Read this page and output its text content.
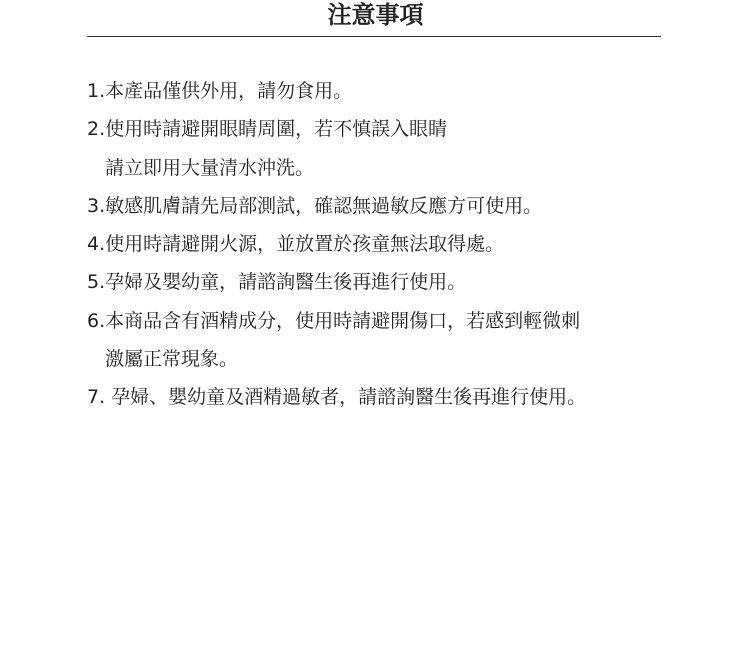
注意事項
1.本產品僅供外用，請勿食用。
2.使用時請避開眼睛周圍，若不慎誤入眼睛
請立即用大量清水沖洗。
3.敏感肌膚請先局部測試，確認無過敏反應方可使用。
4.使用時請避開火源，並放置於孩童無法取得處。
5.孕婦及嬰幼童，請諮詢醫生後再進行使用。
6.本商品含有酒精成分，使用時請避開傷口，若感到輕微刺
激屬正常現象。
7. 孕婦、嬰幼童及酒精過敏者，請諮詢醫生後再進行使用。
